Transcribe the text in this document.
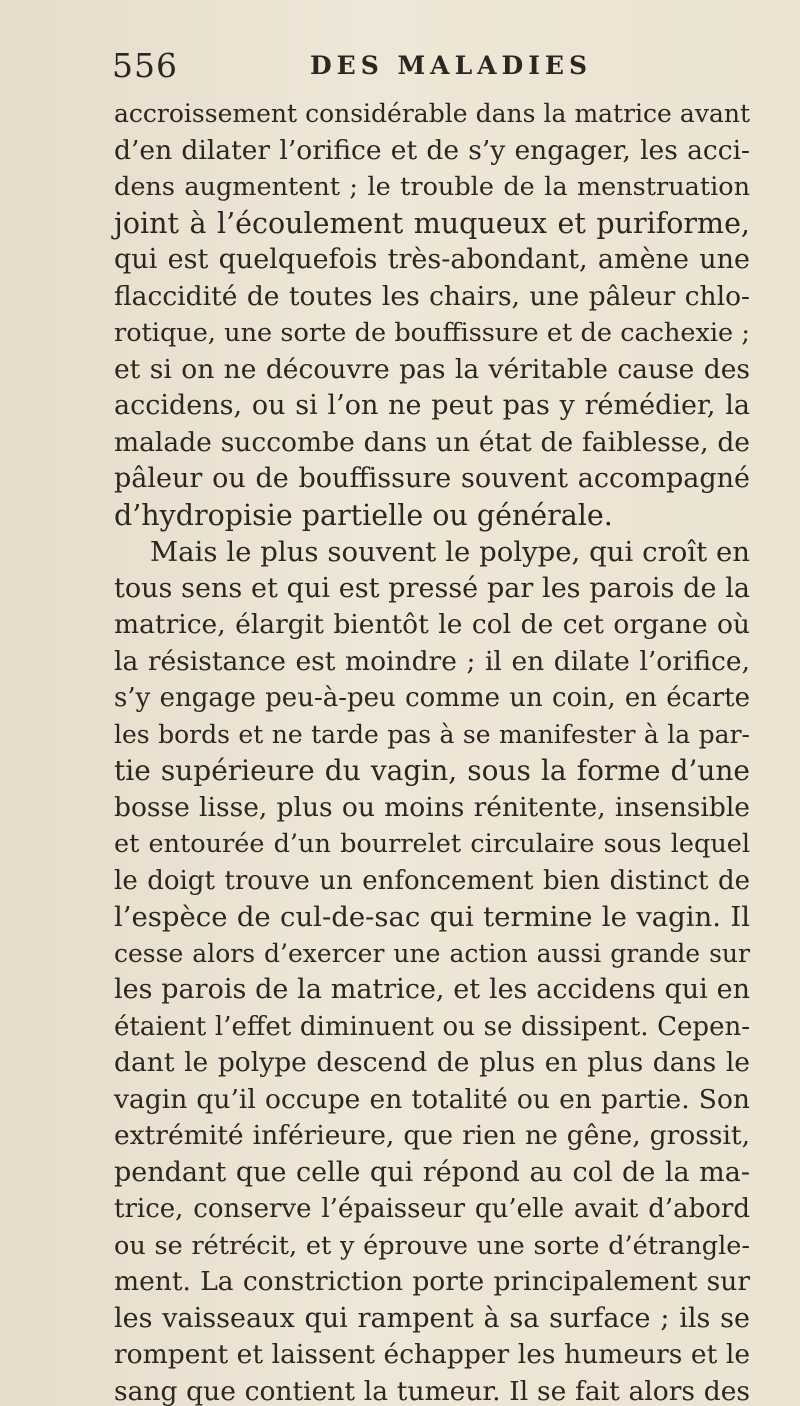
556	DES MALADIES
accroissement considérable dans la matrice avant
d’en dilater l’orifice et de s’y engager, les acci-
dens augmentent ; le trouble de la menstruation
joint à l’écoulement muqueux et puriforme,
qui est quelquefois très-abondant, amène une
flaccidité de toutes les chairs, une pâleur chlo-
rotique, une sorte de bouffissure et de cachexie ;
et si on ne découvre pas la véritable cause des
accidens, ou si l’on ne peut pas y rémédier, la
malade succombe dans un état de faiblesse, de
pâleur ou de bouffissure souvent accompagné
d’hydropisie partielle ou générale.
Mais le plus souvent le polype, qui croît en
tous sens et qui est pressé par les parois de la
matrice, élargit bientôt le col de cet organe où
la résistance est moindre ; il en dilate l’orifice,
s’y engage peu-à-peu comme un coin, en écarte
les bords et ne tarde pas à se manifester à la par-
tie supérieure du vagin, sous la forme d’une
bosse lisse, plus ou moins rénitente, insensible
et entourée d’un bourrelet circulaire sous lequel
le doigt trouve un enfoncement bien distinct de
l’espèce de cul-de-sac qui termine le vagin. Il
cesse alors d’exercer une action aussi grande sur
les parois de la matrice, et les accidens qui en
étaient l’effet diminuent ou se dissipent. Cepen-
dant le polype descend de plus en plus dans le
vagin qu’il occupe en totalité ou en partie. Son
extrémité inférieure, que rien ne gêne, grossit,
pendant que celle qui répond au col de la ma-
trice, conserve l’épaisseur qu’elle avait d’abord
ou se rétrécit, et y éprouve une sorte d’étrangle-
ment. La constriction porte principalement sur
les vaisseaux qui rampent à sa surface ; ils se
rompent et laissent échapper les humeurs et le
sang que contient la tumeur. Il se fait alors des
